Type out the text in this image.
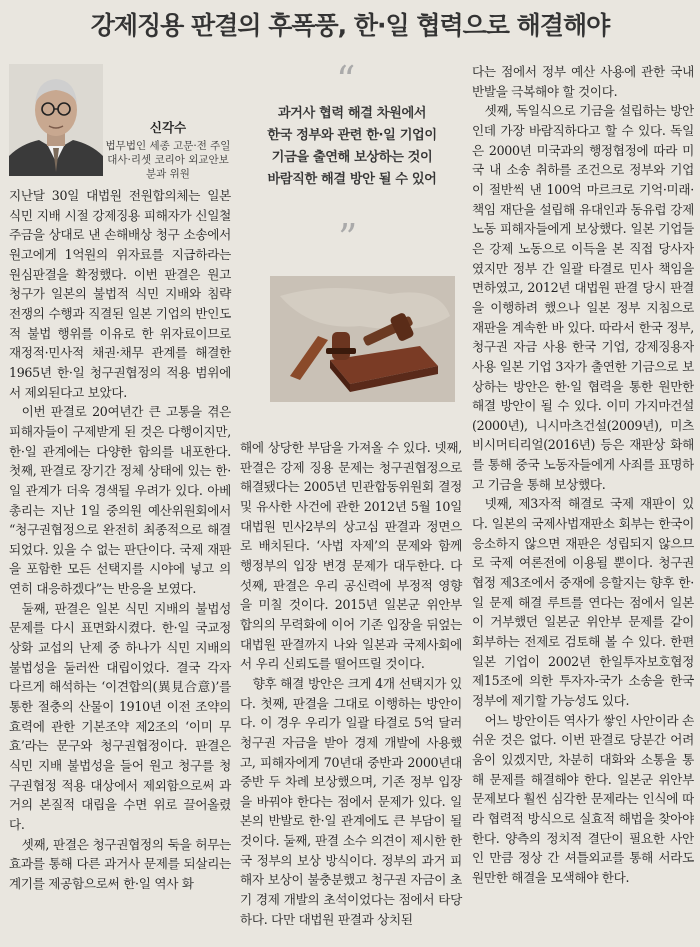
강제징용 판결의 후폭풍, 한·일 협력으로 해결해야
신각수
법무법인 세종 고문·전 주일
대사·리셋 코리아 외교안보
분과 위원
“
과거사 협력 해결 차원에서
한국 정부와 관련 한·일 기업이
기금을 출연해 보상하는 것이
바람직한 해결 방안 될 수 있어
”

지난달 30일 대법원 전원합의체는 일본 식민 지배 시절 강제징용 피해자가 신일철주금을 상대로 낸 손해배상 청구 소송에서 원고에게 1억원의 위자료를 지급하라는 원심판결을 확정했다. 이번 판결은 원고 청구가 일본의 불법적 식민 지배와 침략 전쟁의 수행과 직결된 일본 기업의 반인도적 불법 행위를 이유로 한 위자료이므로 재정적·민사적 채권·채무 관계를 해결한 1965년 한·일 청구권협정의 적용 범위에서 제외된다고 보았다.

이번 판결로 20여년간 큰 고통을 겪은 피해자들이 구제받게 된 것은 다행이지만, 한·일 관계에는 다양한 함의를 내포한다. 첫째, 판결로 장기간 정체 상태에 있는 한·일 관계가 더욱 경색될 우려가 있다. 아베 총리는 지난 1일 중의원 예산위원회에서 “청구권협정으로 완전히 최종적으로 해결되었다. 있을 수 없는 판단이다. 국제 재판을 포함한 모든 선택지를 시야에 넣고 의연히 대응하겠다”는 반응을 보였다.

둘째, 판결은 일본 식민 지배의 불법성 문제를 다시 표면화시켰다. 한·일 국교정상화 교섭의 난제 중 하나가 식민 지배의 불법성을 둘러싼 대립이었다. 결국 각자 다르게 해석하는 ‘이견합의(異見合意)’를 통한 절충의 산물이 1910년 이전 조약의 효력에 관한 기본조약 제2조의 ‘이미 무효’라는 문구와 청구권협정이다. 판결은 식민 지배 불법성을 들어 원고 청구를 청구권협정 적용 대상에서 제외함으로써 과거의 본질적 대립을 수면 위로 끌어올렸다.

셋째, 판결은 청구권협정의 둑을 허무는 효과를 통해 다른 과거사 문제를 되살리는 계기를 제공함으로써 한·일 역사 화

해에 상당한 부담을 가져올 수 있다. 넷째, 판결은 강제 징용 문제는 청구권협정으로 해결됐다는 2005년 민관합동위원회 결정 및 유사한 사건에 관한 2012년 5월 10일 대법원 민사2부의 상고심 판결과 정면으로 배치된다. ‘사법 자제’의 문제와 함께 행정부의 입장 변경 문제가 대두한다. 다섯째, 판결은 우리 공신력에 부정적 영향을 미칠 것이다. 2015년 일본군 위안부 합의의 무력화에 이어 기존 입장을 뒤엎는 대법원 판결까지 나와 일본과 국제사회에서 우리 신뢰도를 떨어뜨릴 것이다.

향후 해결 방안은 크게 4개 선택지가 있다. 첫째, 판결을 그대로 이행하는 방안이다. 이 경우 우리가 일괄 타결로 5억 달러 청구권 자금을 받아 경제 개발에 사용했고, 피해자에게 70년대 중반과 2000년대 중반 두 차례 보상했으며, 기존 정부 입장을 바꿔야 한다는 점에서 문제가 있다. 일본의 반발로 한·일 관계에도 큰 부담이 될 것이다. 둘째, 판결 소수 의견이 제시한 한국 정부의 보상 방식이다. 정부의 과거 피해자 보상이 불충분했고 청구권 자금이 초기 경제 개발의 초석이었다는 점에서 타당하다. 다만 대법원 판결과 상치된

다는 점에서 정부 예산 사용에 관한 국내 반발을 극복해야 할 것이다.

셋째, 독일식으로 기금을 설립하는 방안인데 가장 바람직하다고 할 수 있다. 독일은 2000년 미국과의 행정협정에 따라 미국 내 소송 취하를 조건으로 정부와 기업이 절반씩 낸 100억 마르크로 기억·미래·책임 재단을 설립해 유대인과 동유럽 강제 노동 피해자들에게 보상했다. 일본 기업들은 강제 노동으로 이득을 본 직접 당사자였지만 정부 간 일괄 타결로 민사 책임을 면하였고, 2012년 대법원 판결 당시 판결을 이행하려 했으나 일본 정부 지침으로 재판을 계속한 바 있다. 따라서 한국 정부, 청구권 자금 사용 한국 기업, 강제징용자 사용 일본 기업 3자가 출연한 기금으로 보상하는 방안은 한·일 협력을 통한 원만한 해결 방안이 될 수 있다. 이미 가지마건설(2000년), 니시마츠건설(2009년), 미츠비시머티리얼(2016년) 등은 재판상 화해를 통해 중국 노동자들에게 사죄를 표명하고 기금을 통해 보상했다.

넷째, 제3자적 해결로 국제 재판이 있다. 일본의 국제사법재판소 회부는 한국이 응소하지 않으면 재판은 성립되지 않으므로 국제 여론전에 이용될 뿐이다. 청구권협정 제3조에서 중재에 응할지는 향후 한·일 문제 해결 루트를 연다는 점에서 일본이 거부했던 일본군 위안부 문제를 같이 회부하는 전제로 검토해 볼 수 있다. 한편 일본 기업이 2002년 한일투자보호협정 제15조에 의한 투자자-국가 소송을 한국 정부에 제기할 가능성도 있다.

어느 방안이든 역사가 쌓인 사안이라 손쉬운 것은 없다. 이번 판결로 당분간 어려움이 있겠지만, 차분히 대화와 소통을 통해 문제를 해결해야 한다. 일본군 위안부 문제보다 훨씬 심각한 문제라는 인식에 따라 협력적 방식으로 실효적 해법을 찾아야 한다. 양측의 정치적 결단이 필요한 사안인 만큼 정상 간 셔틀외교를 통해 서라도 원만한 해결을 모색해야 한다.
